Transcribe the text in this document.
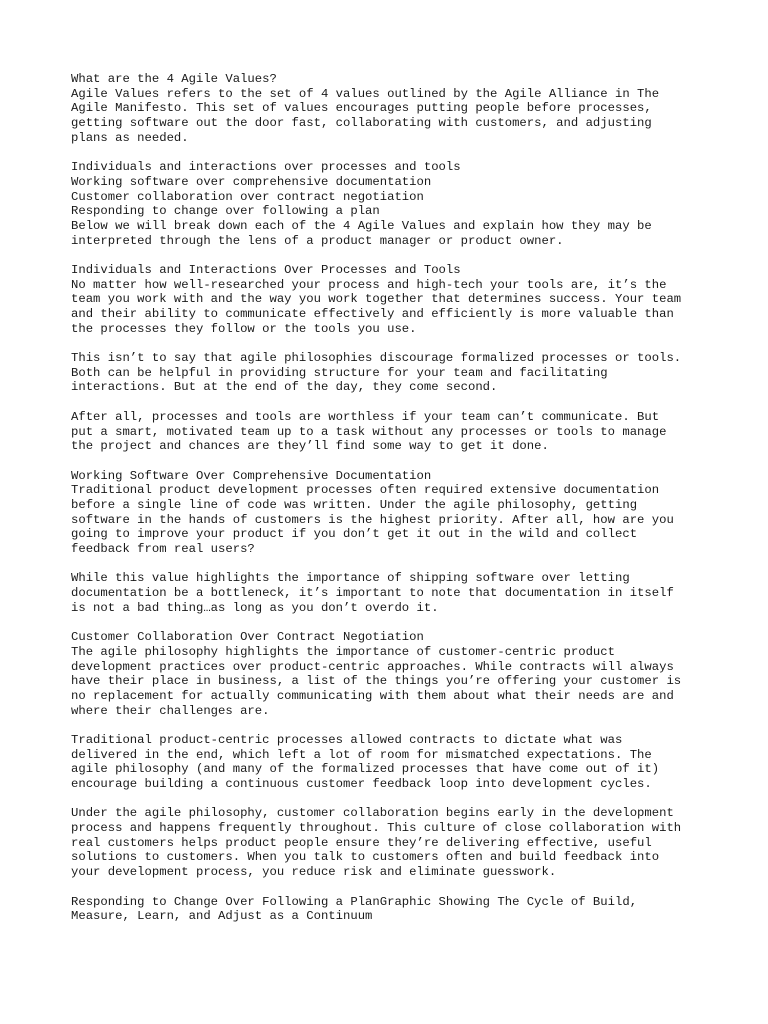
What are the 4 Agile Values?
Agile Values refers to the set of 4 values outlined by the Agile Alliance in The
Agile Manifesto. This set of values encourages putting people before processes,
getting software out the door fast, collaborating with customers, and adjusting
plans as needed.
Individuals and interactions over processes and tools
Working software over comprehensive documentation
Customer collaboration over contract negotiation
Responding to change over following a plan
Below we will break down each of the 4 Agile Values and explain how they may be
interpreted through the lens of a product manager or product owner.
Individuals and Interactions Over Processes and Tools
No matter how well-researched your process and high-tech your tools are, it’s the
team you work with and the way you work together that determines success. Your team
and their ability to communicate effectively and efficiently is more valuable than
the processes they follow or the tools you use.
This isn’t to say that agile philosophies discourage formalized processes or tools.
Both can be helpful in providing structure for your team and facilitating
interactions. But at the end of the day, they come second.
After all, processes and tools are worthless if your team can’t communicate. But
put a smart, motivated team up to a task without any processes or tools to manage
the project and chances are they’ll find some way to get it done.
Working Software Over Comprehensive Documentation
Traditional product development processes often required extensive documentation
before a single line of code was written. Under the agile philosophy, getting
software in the hands of customers is the highest priority. After all, how are you
going to improve your product if you don’t get it out in the wild and collect
feedback from real users?
While this value highlights the importance of shipping software over letting
documentation be a bottleneck, it’s important to note that documentation in itself
is not a bad thing…as long as you don’t overdo it.
Customer Collaboration Over Contract Negotiation
The agile philosophy highlights the importance of customer-centric product
development practices over product-centric approaches. While contracts will always
have their place in business, a list of the things you’re offering your customer is
no replacement for actually communicating with them about what their needs are and
where their challenges are.
Traditional product-centric processes allowed contracts to dictate what was
delivered in the end, which left a lot of room for mismatched expectations. The
agile philosophy (and many of the formalized processes that have come out of it)
encourage building a continuous customer feedback loop into development cycles.
Under the agile philosophy, customer collaboration begins early in the development
process and happens frequently throughout. This culture of close collaboration with
real customers helps product people ensure they’re delivering effective, useful
solutions to customers. When you talk to customers often and build feedback into
your development process, you reduce risk and eliminate guesswork.
Responding to Change Over Following a PlanGraphic Showing The Cycle of Build,
Measure, Learn, and Adjust as a Continuum
